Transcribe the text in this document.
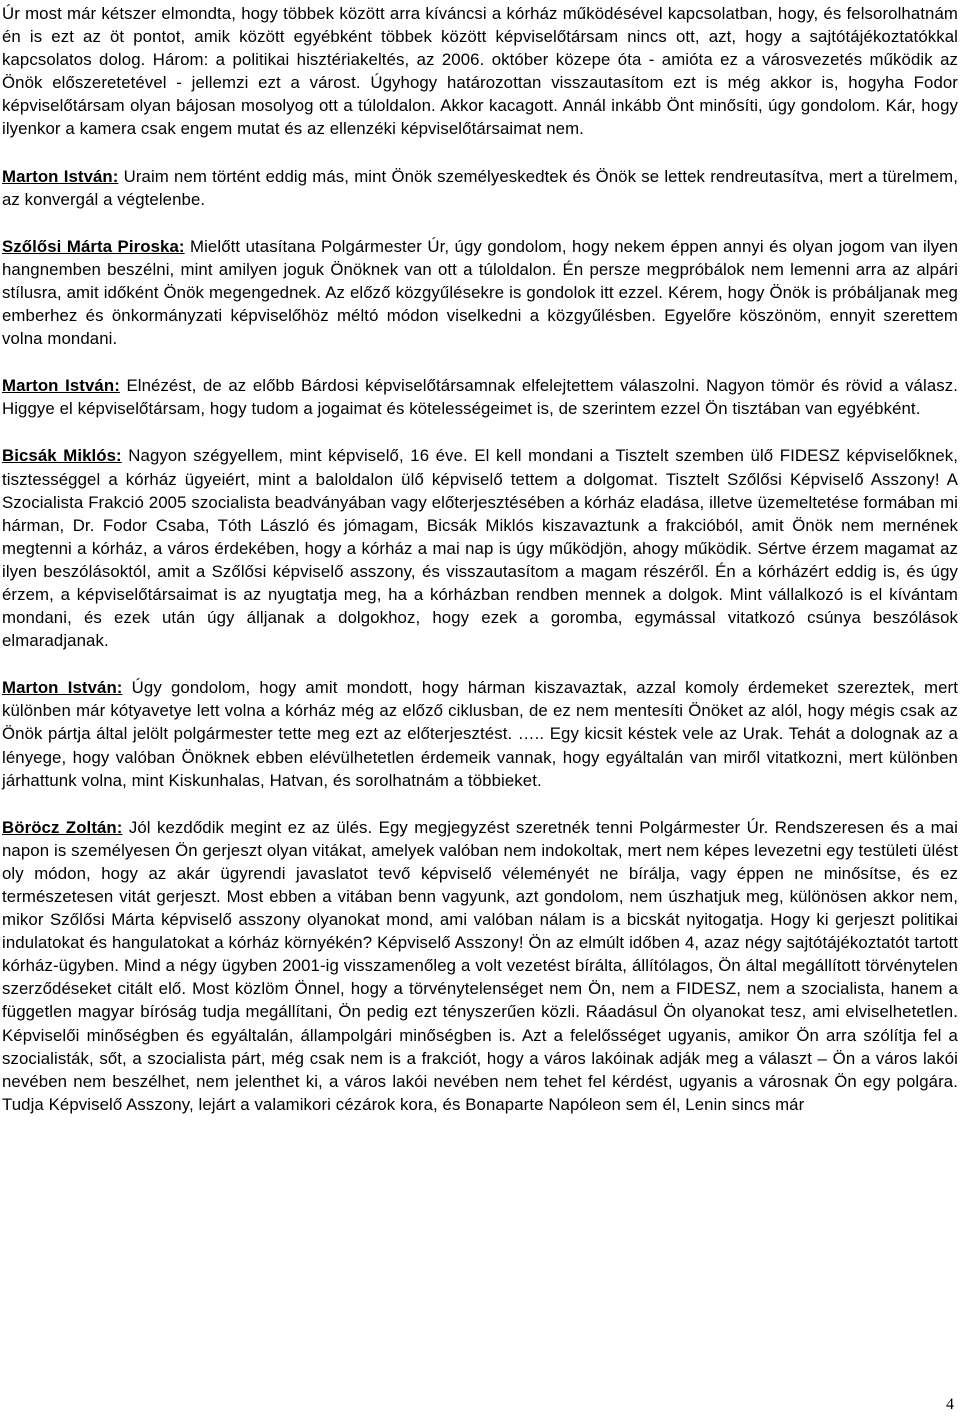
Úr most már kétszer elmondta, hogy többek között arra kíváncsi a kórház működésével kapcsolatban, hogy, és felsorolhatnám én is ezt az öt pontot, amik között egyébként többek között képviselőtársam nincs ott, azt, hogy a sajtótájékoztatókkal kapcsolatos dolog. Három: a politikai hisztériakeltés, az 2006. október közepe óta - amióta ez a városvezetés működik az Önök előszeretetével - jellemzi ezt a várost. Úgyhogy határozottan visszautasítom ezt is még akkor is, hogyha Fodor képviselőtársam olyan bájosan mosolyog ott a túloldalon. Akkor kacagott. Annál inkább Önt minősíti, úgy gondolom. Kár, hogy ilyenkor a kamera csak engem mutat és az ellenzéki képviselőtársaimat nem.

Marton István: Uraim nem történt eddig más, mint Önök személyeskedtek és Önök se lettek rendreutasítva, mert a türelmem, az konvergál a végtelenbe.

Szőlősi Márta Piroska: Mielőtt utasítana Polgármester Úr, úgy gondolom, hogy nekem éppen annyi és olyan jogom van ilyen hangnemben beszélni, mint amilyen joguk Önöknek van ott a túloldalon. Én persze megpróbálok nem lemenni arra az alpári stílusra, amit időként Önök megengednek. Az előző közgyűlésekre is gondolok itt ezzel. Kérem, hogy Önök is próbáljanak meg emberhez és önkormányzati képviselőhöz méltó módon viselkedni a közgyűlésben. Egyelőre köszönöm, ennyit szerettem volna mondani.

Marton István: Elnézést, de az előbb Bárdosi képviselőtársamnak elfelejtettem válaszolni. Nagyon tömör és rövid a válasz. Higgye el képviselőtársam, hogy tudom a jogaimat és kötelességeimet is, de szerintem ezzel Ön tisztában van egyébként.

Bicsák Miklós: Nagyon szégyellem, mint képviselő, 16 éve. El kell mondani a Tisztelt szemben ülő FIDESZ képviselőknek, tisztességgel a kórház ügyeiért, mint a baloldalon ülő képviselő tettem a dolgomat. Tisztelt Szőlősi Képviselő Asszony! A Szocialista Frakció 2005 szocialista beadványában vagy előterjesztésében a kórház eladása, illetve üzemeltetése formában mi hárman, Dr. Fodor Csaba, Tóth László és jómagam, Bicsák Miklós kiszavaztunk a frakcióból, amit Önök nem mernének megtenni a kórház, a város érdekében, hogy a kórház a mai nap is úgy működjön, ahogy működik. Sértve érzem magamat az ilyen beszólásoktól, amit a Szőlősi képviselő asszony, és visszautasítom a magam részéről. Én a kórházért eddig is, és úgy érzem, a képviselőtársaimat is az nyugtatja meg, ha a kórházban rendben mennek a dolgok. Mint vállalkozó is el kívántam mondani, és ezek után úgy álljanak a dolgokhoz, hogy ezek a goromba, egymással vitatkozó csúnya beszólások elmaradjanak.

Marton István: Úgy gondolom, hogy amit mondott, hogy hárman kiszavaztak, azzal komoly érdemeket szereztek, mert különben már kótyavetye lett volna a kórház még az előző ciklusban, de ez nem mentesíti Önöket az alól, hogy mégis csak az Önök pártja által jelölt polgármester tette meg ezt az előterjesztést. ….. Egy kicsit késtek vele az Urak. Tehát a dolognak az a lényege, hogy valóban Önöknek ebben elévülhetetlen érdemeik vannak, hogy egyáltalán van miről vitatkozni, mert különben járhattunk volna, mint Kiskunhalas, Hatvan, és sorolhatnám a többieket.

Böröcz Zoltán: Jól kezdődik megint ez az ülés. Egy megjegyzést szeretnék tenni Polgármester Úr. Rendszeresen és a mai napon is személyesen Ön gerjeszt olyan vitákat, amelyek valóban nem indokoltak, mert nem képes levezetni egy testületi ülést oly módon, hogy az akár ügyrendi javaslatot tevő képviselő véleményét ne bírálja, vagy éppen ne minősítse, és ez természetesen vitát gerjeszt. Most ebben a vitában benn vagyunk, azt gondolom, nem úszhatjuk meg, különösen akkor nem, mikor Szőlősi Márta képviselő asszony olyanokat mond, ami valóban nálam is a bicskát nyitogatja. Hogy ki gerjeszt politikai indulatokat és hangulatokat a kórház környékén? Képviselő Asszony! Ön az elmúlt időben 4, azaz négy sajtótájékoztatót tartott kórház-ügyben. Mind a négy ügyben 2001-ig visszamenőleg a volt vezetést bírálta, állítólagos, Ön által megállított törvénytelen szerződéseket citált elő. Most közlöm Önnel, hogy a törvénytelenséget nem Ön, nem a FIDESZ, nem a szocialista, hanem a független magyar bíróság tudja megállítani, Ön pedig ezt tényszerűen közli. Ráadásul Ön olyanokat tesz, ami elviselhetetlen. Képviselői minőségben és egyáltalán, állampolgári minőségben is. Azt a felelősséget ugyanis, amikor Ön arra szólítja fel a szocialisták, sőt, a szocialista párt, még csak nem is a frakciót, hogy a város lakóinak adják meg a választ – Ön a város lakói nevében nem beszélhet, nem jelenthet ki, a város lakói nevében nem tehet fel kérdést, ugyanis a városnak Ön egy polgára. Tudja Képviselő Asszony, lejárt a valamikori cézárok kora, és Bonaparte Napóleon sem él, Lenin sincs már

4
